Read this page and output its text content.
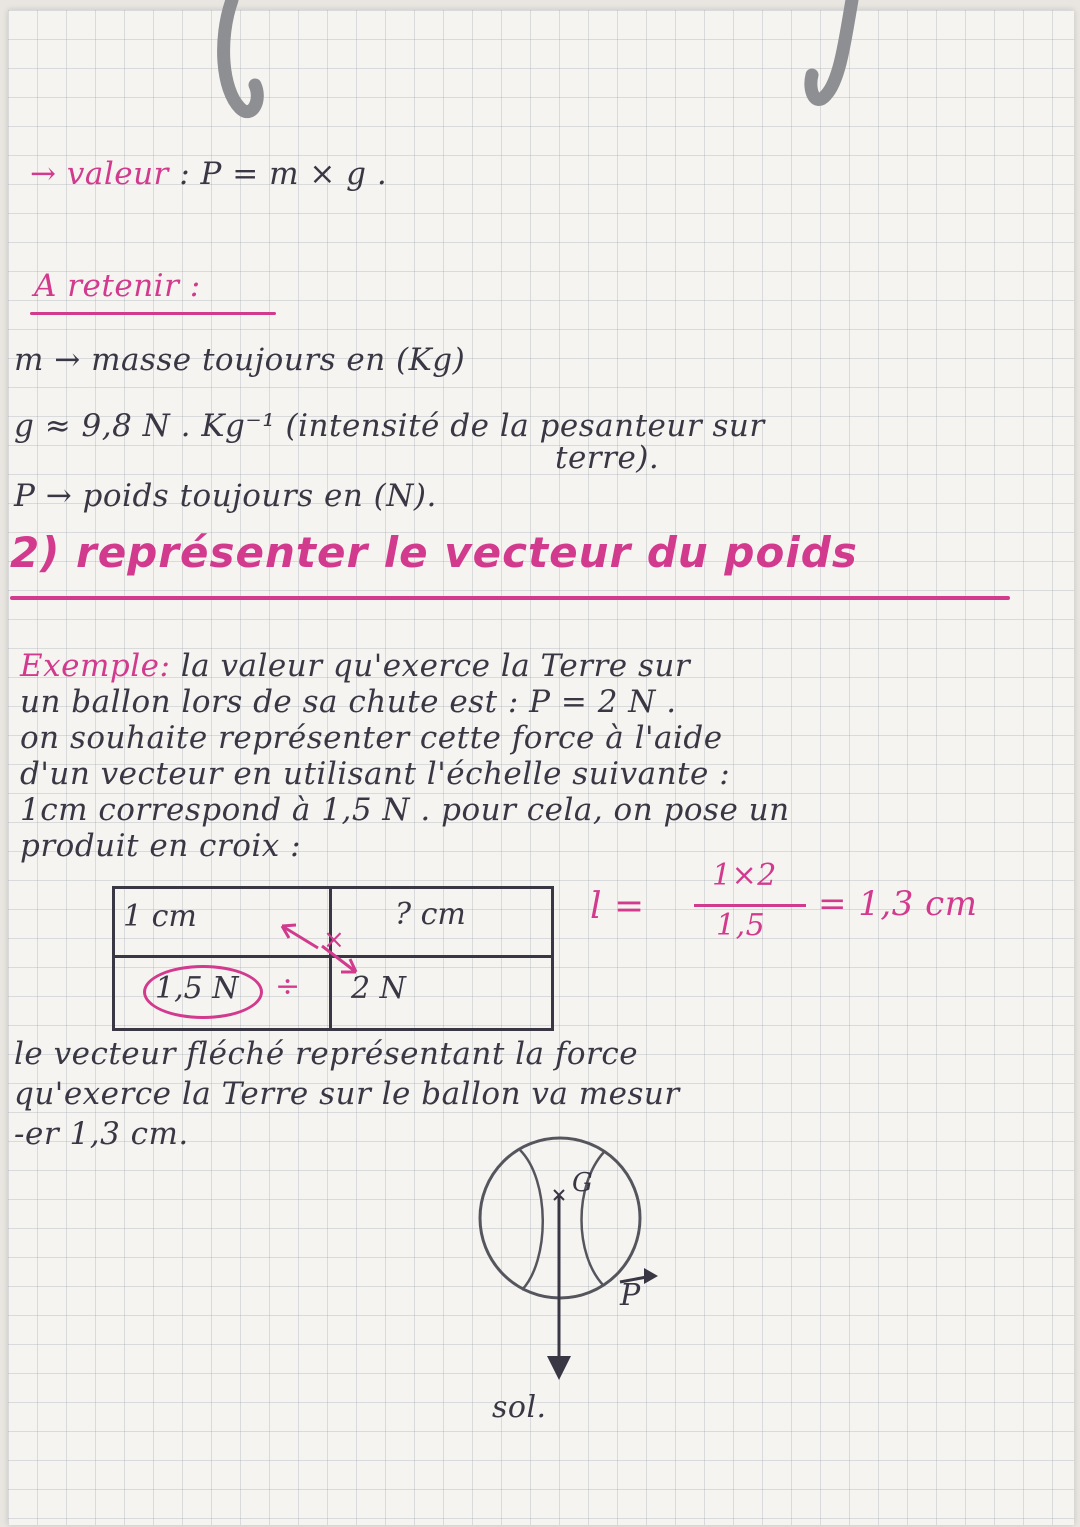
→ valeur : P = m × g .
A retenir :
m → masse toujours en (Kg)
g ≈ 9,8 N . Kg⁻¹ (intensité de la pesanteur sur
terre).
P → poids toujours en (N).
2) représenter le vecteur du poids
Exemple: la valeur qu'exerce la Terre sur
un ballon lors de sa chute est : P = 2 N .
on souhaite représenter cette force à l'aide
d'un vecteur en utilisant l'échelle suivante :
1cm correspond à 1,5 N . pour cela, on pose un
produit en croix :
1 cm	? cm
1,5 N ÷ 2 N
×
l =
1×2
1,5
= 1,3 cm
le vecteur fléché représentant la force
qu'exerce la Terre sur le ballon va mesur
-er 1,3 cm.
G
P
sol.
